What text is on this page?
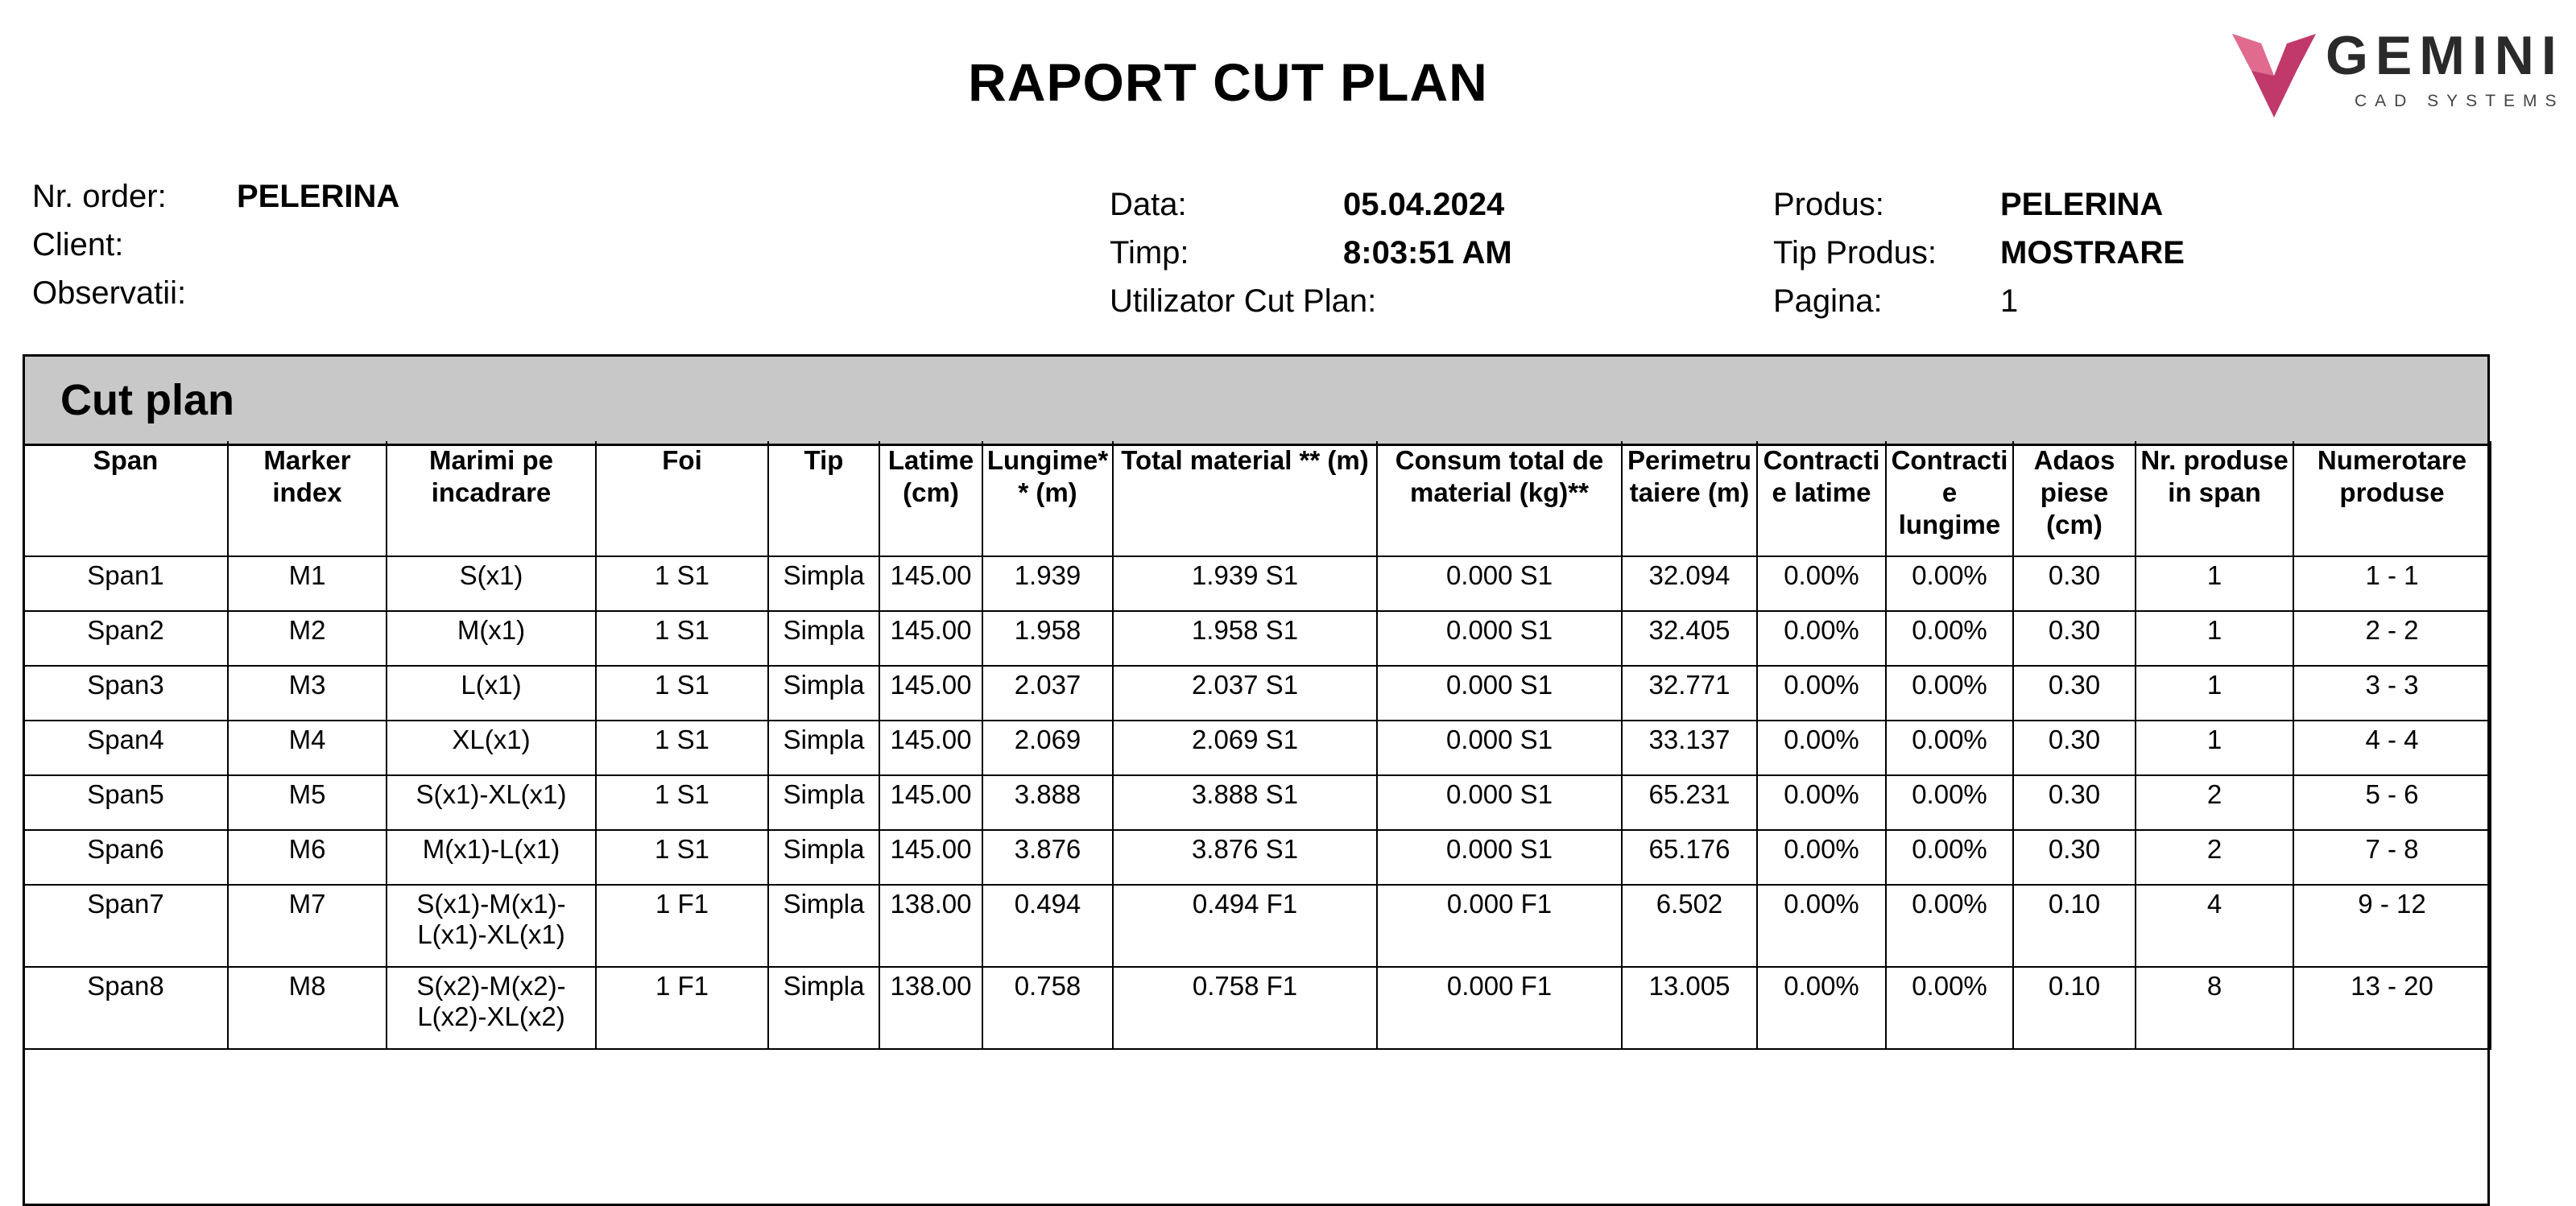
RAPORT CUT PLAN	GEMINI
CAD SYSTEMS
Nr. order:	PELERINA
Client:
Observatii:
Data:	05.04.2024
Timp:	8:03:51 AM
Utilizator Cut Plan:
Produs:	PELERINA
Tip Produs:	MOSTRARE
Pagina:	1
Cut plan
Span	Marker index	Marimi pe incadrare	Foi	Tip	Latime (cm)	Lungime** (m)	Total material ** (m)	Consum total de material (kg)**	Perimetru taiere (m)	Contractie latime	Contractie lungime	Adaos piese (cm)	Nr. produse in span	Numerotare produse
Span1	M1	S(x1)	1 S1	Simpla	145.00	1.939	1.939 S1	0.000 S1	32.094	0.00%	0.00%	0.30	1	1 - 1
Span2	M2	M(x1)	1 S1	Simpla	145.00	1.958	1.958 S1	0.000 S1	32.405	0.00%	0.00%	0.30	1	2 - 2
Span3	M3	L(x1)	1 S1	Simpla	145.00	2.037	2.037 S1	0.000 S1	32.771	0.00%	0.00%	0.30	1	3 - 3
Span4	M4	XL(x1)	1 S1	Simpla	145.00	2.069	2.069 S1	0.000 S1	33.137	0.00%	0.00%	0.30	1	4 - 4
Span5	M5	S(x1)-XL(x1)	1 S1	Simpla	145.00	3.888	3.888 S1	0.000 S1	65.231	0.00%	0.00%	0.30	2	5 - 6
Span6	M6	M(x1)-L(x1)	1 S1	Simpla	145.00	3.876	3.876 S1	0.000 S1	65.176	0.00%	0.00%	0.30	2	7 - 8
Span7	M7	S(x1)-M(x1)-L(x1)-XL(x1)	1 F1	Simpla	138.00	0.494	0.494 F1	0.000 F1	6.502	0.00%	0.00%	0.10	4	9 - 12
Span8	M8	S(x2)-M(x2)-L(x2)-XL(x2)	1 F1	Simpla	138.00	0.758	0.758 F1	0.000 F1	13.005	0.00%	0.00%	0.10	8	13 - 20
